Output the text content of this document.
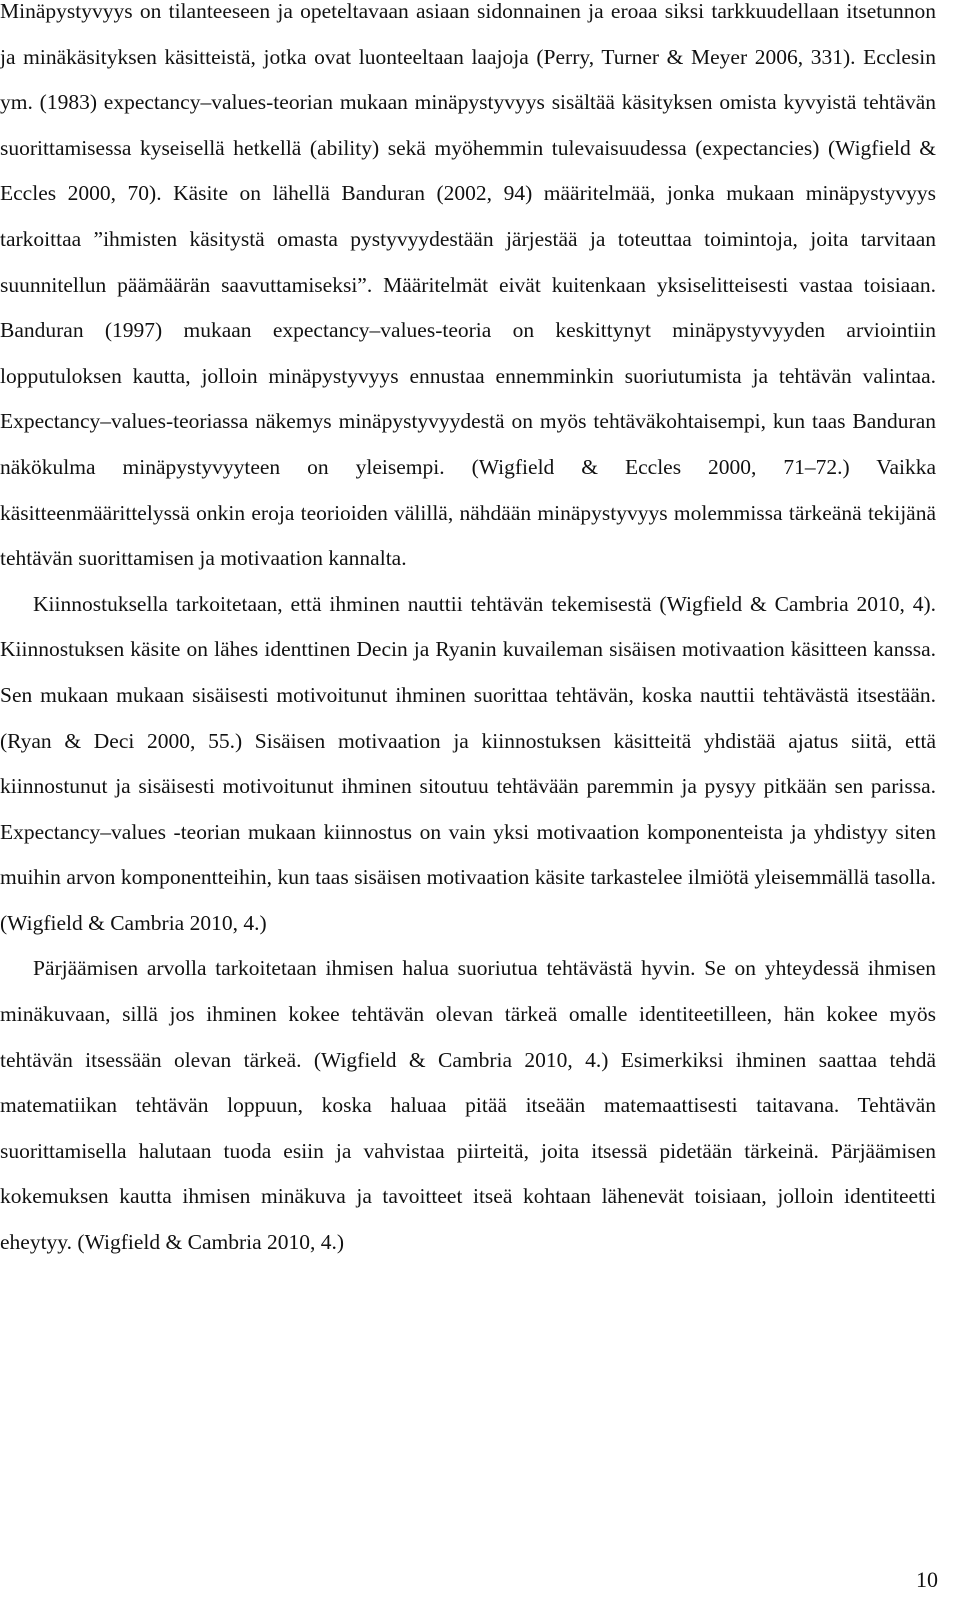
Minäpystyvyys on tilanteeseen ja opeteltavaan asiaan sidonnainen ja eroaa siksi tarkkuudellaan itsetunnon ja minäkäsityksen käsitteistä, jotka ovat luonteeltaan laajoja (Perry, Turner & Meyer 2006, 331). Ecclesin ym. (1983) expectancy–values-teorian mukaan minäpystyvyys sisältää käsityksen omista kyvyistä tehtävän suorittamisessa kyseisellä hetkellä (ability) sekä myöhemmin tulevaisuudessa (expectancies) (Wigfield & Eccles 2000, 70). Käsite on lähellä Banduran (2002, 94) määritelmää, jonka mukaan minäpystyvyys tarkoittaa ”ihmisten käsitystä omasta pystyvyydestään järjestää ja toteuttaa toimintoja, joita tarvitaan suunnitellun päämäärän saavuttamiseksi”. Määritelmät eivät kuitenkaan yksiselitteisesti vastaa toisiaan. Banduran (1997) mukaan expectancy–values-teoria on keskittynyt minäpystyvyyden arviointiin lopputuloksen kautta, jolloin minäpystyvyys ennustaa ennemminkin suoriutumista ja tehtävän valintaa. Expectancy–values-teoriassa näkemys minäpystyvyydestä on myös tehtäväkohtaisempi, kun taas Banduran näkökulma minäpystyvyyteen on yleisempi. (Wigfield & Eccles 2000, 71–72.) Vaikka käsitteenmäärittelyssä onkin eroja teorioiden välillä, nähdään minäpystyvyys molemmissa tärkeänä tekijänä tehtävän suorittamisen ja motivaation kannalta.

Kiinnostuksella tarkoitetaan, että ihminen nauttii tehtävän tekemisestä (Wigfield & Cambria 2010, 4). Kiinnostuksen käsite on lähes identtinen Decin ja Ryanin kuvaileman sisäisen motivaation käsitteen kanssa. Sen mukaan mukaan sisäisesti motivoitunut ihminen suorittaa tehtävän, koska nauttii tehtävästä itsestään. (Ryan & Deci 2000, 55.) Sisäisen motivaation ja kiinnostuksen käsitteitä yhdistää ajatus siitä, että kiinnostunut ja sisäisesti motivoitunut ihminen sitoutuu tehtävään paremmin ja pysyy pitkään sen parissa. Expectancy–values -teorian mukaan kiinnostus on vain yksi motivaation komponenteista ja yhdistyy siten muihin arvon komponentteihin, kun taas sisäisen motivaation käsite tarkastelee ilmiötä yleisemmällä tasolla. (Wigfield & Cambria 2010, 4.)

Pärjäämisen arvolla tarkoitetaan ihmisen halua suoriutua tehtävästä hyvin. Se on yhteydessä ihmisen minäkuvaan, sillä jos ihminen kokee tehtävän olevan tärkeä omalle identiteetilleen, hän kokee myös tehtävän itsessään olevan tärkeä. (Wigfield & Cambria 2010, 4.) Esimerkiksi ihminen saattaa tehdä matematiikan tehtävän loppuun, koska haluaa pitää itseään matemaattisesti taitavana. Tehtävän suorittamisella halutaan tuoda esiin ja vahvistaa piirteitä, joita itsessä pidetään tärkeinä. Pärjäämisen kokemuksen kautta ihmisen minäkuva ja tavoitteet itseä kohtaan lähenevät toisiaan, jolloin identiteetti eheytyy. (Wigfield & Cambria 2010, 4.)

10
